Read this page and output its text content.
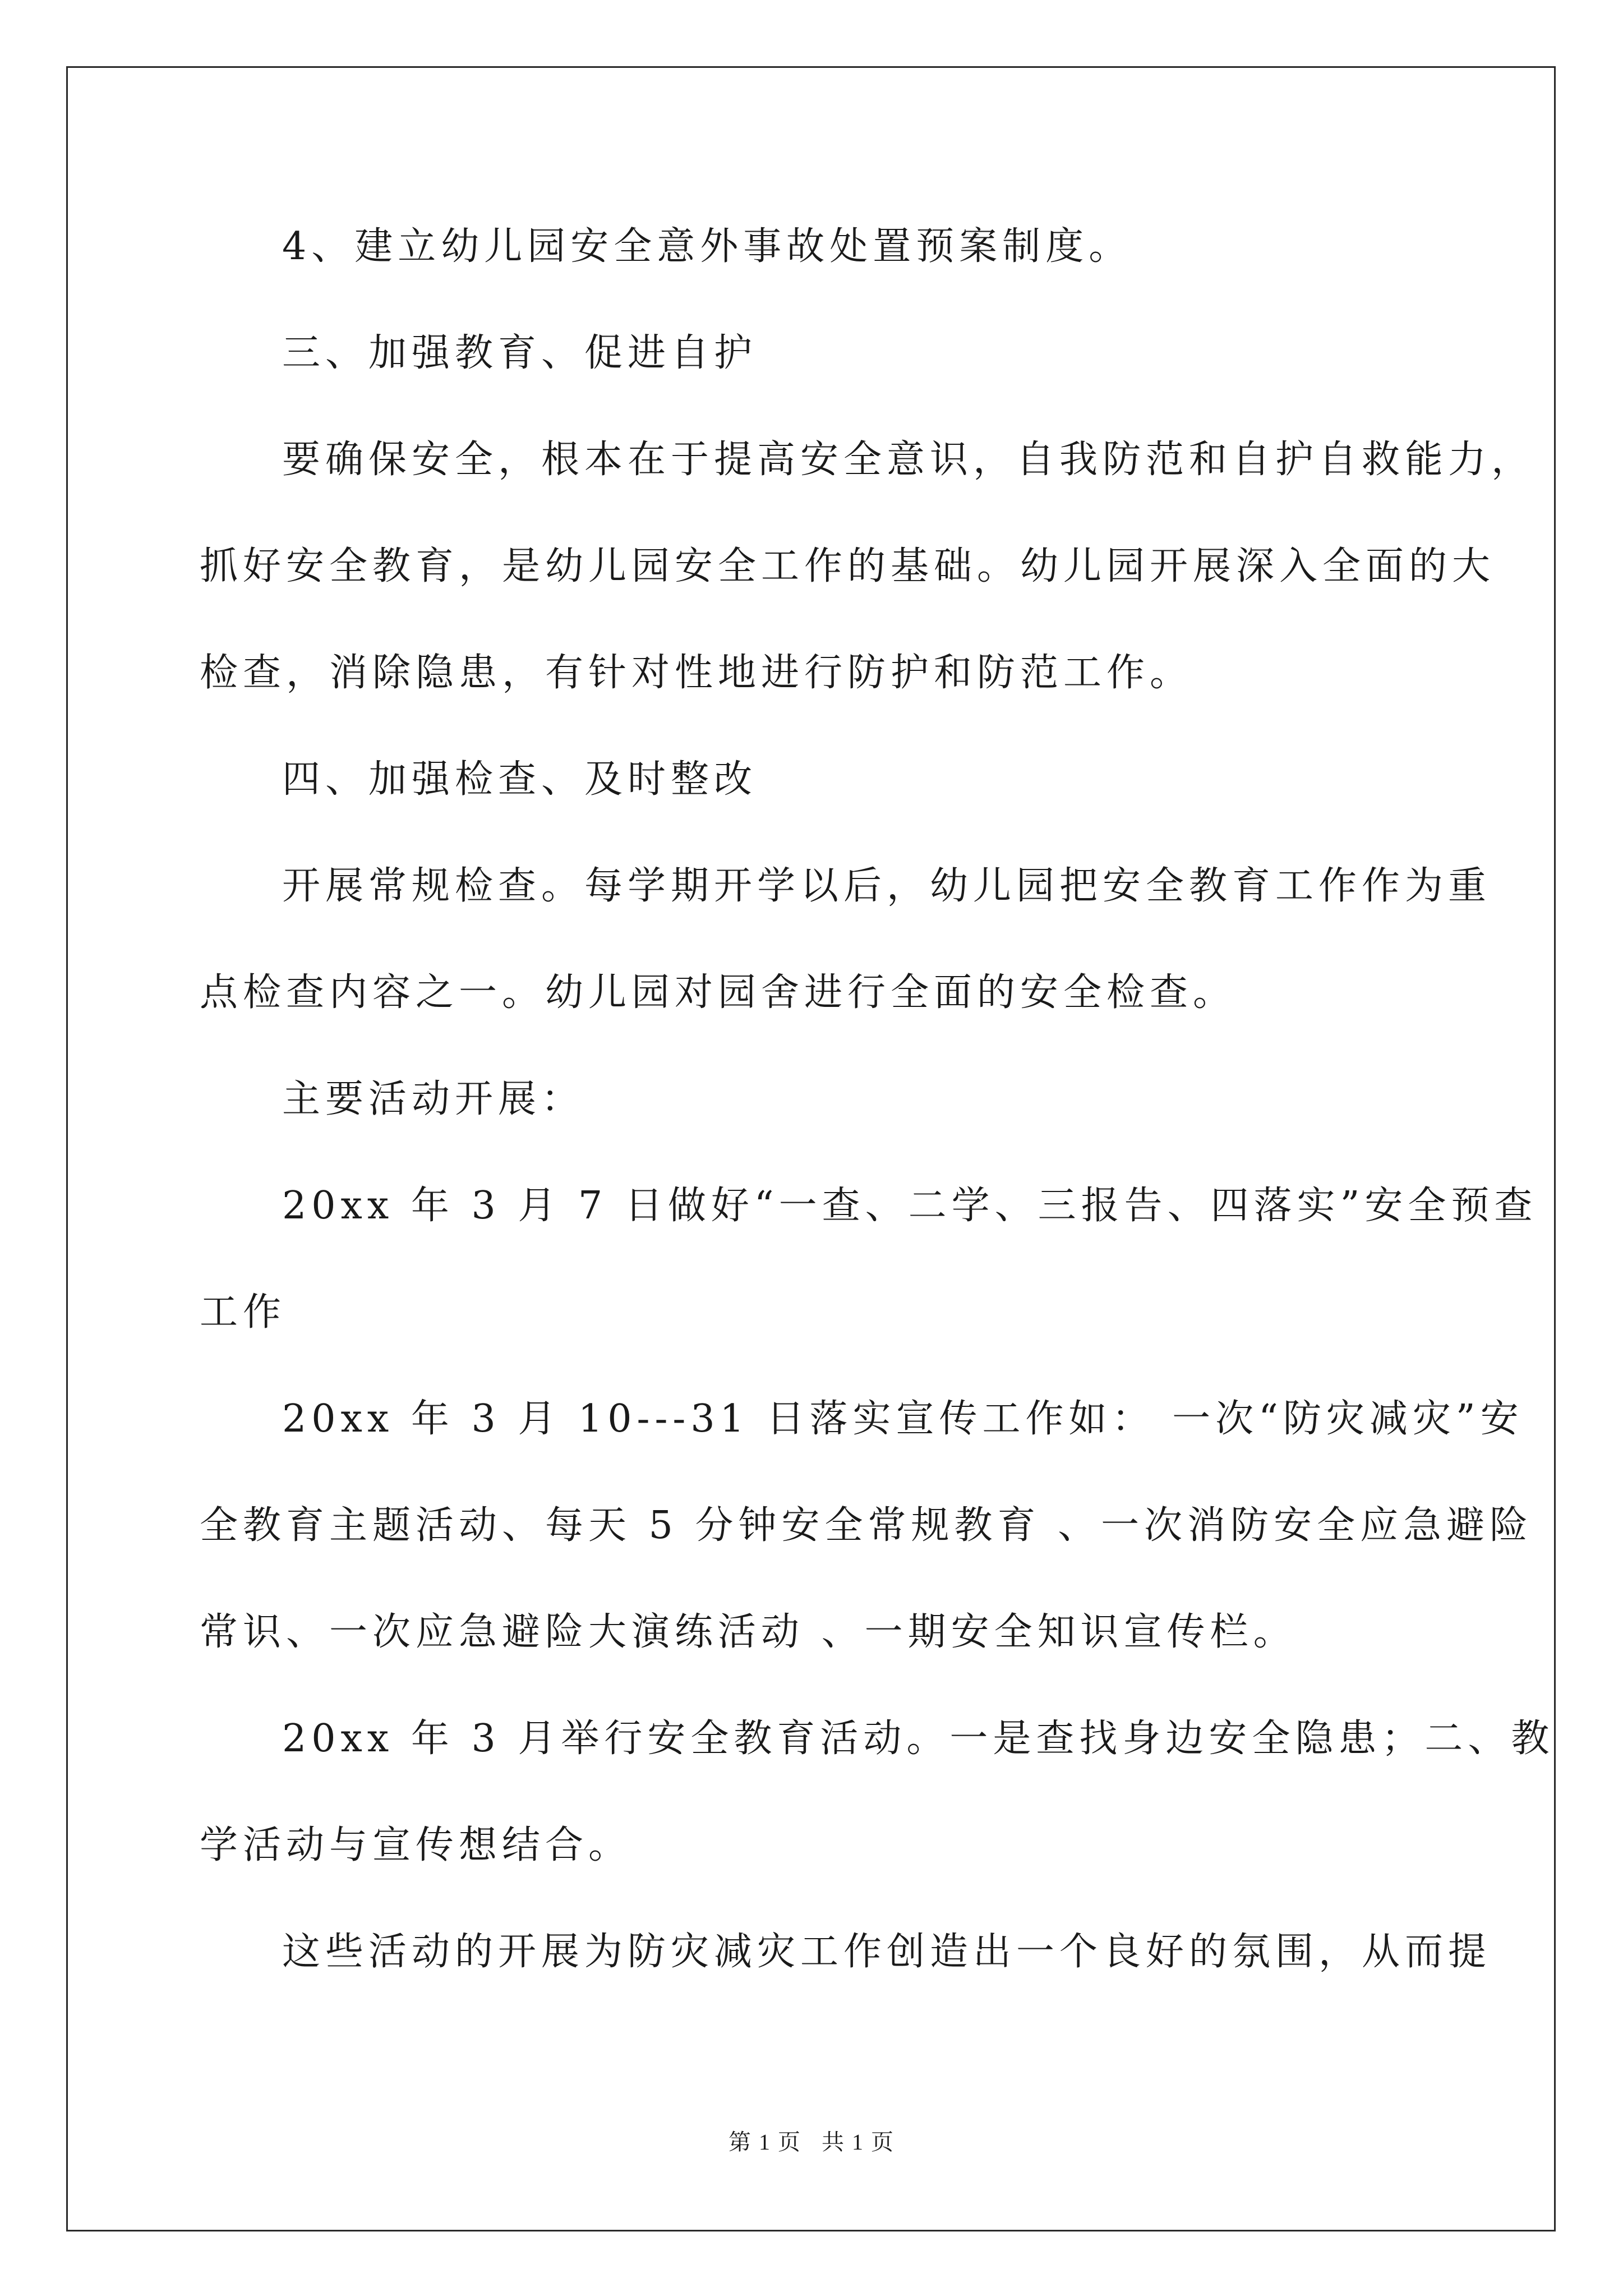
4、建立幼儿园安全意外事故处置预案制度。
三、加强教育、促进自护
要确保安全，根本在于提高安全意识，自我防范和自护自救能力，
抓好安全教育，是幼儿园安全工作的基础。幼儿园开展深入全面的大
检查，消除隐患，有针对性地进行防护和防范工作。
四、加强检查、及时整改
开展常规检查。每学期开学以后，幼儿园把安全教育工作作为重
点检查内容之一。幼儿园对园舍进行全面的安全检查。
主要活动开展：
20xx 年 3 月 7 日做好“一查、二学、三报告、四落实”安全预查
工作
20xx 年 3 月 10---31 日落实宣传工作如： 一次“防灾减灾”安
全教育主题活动、每天 5 分钟安全常规教育 、一次消防安全应急避险
常识、一次应急避险大演练活动 、一期安全知识宣传栏。
20xx 年 3 月举行安全教育活动。一是查找身边安全隐患；二、教
学活动与宣传想结合。
这些活动的开展为防灾减灾工作创造出一个良好的氛围，从而提
第 1 页 共 1 页
